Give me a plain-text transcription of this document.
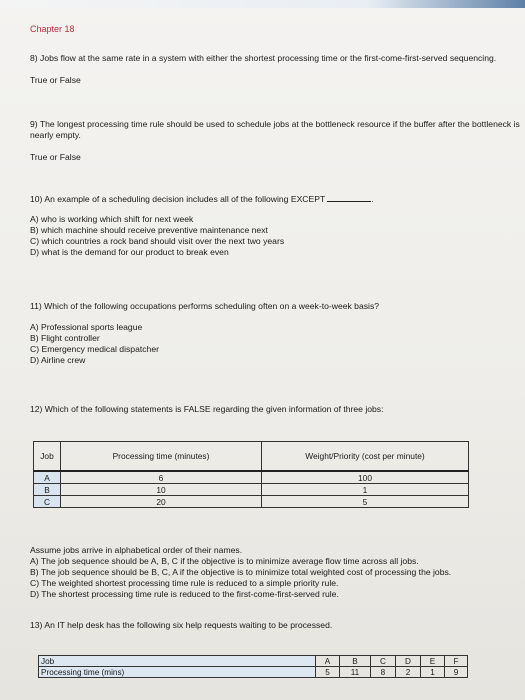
Chapter 18

8) Jobs flow at the same rate in a system with either the shortest processing time or the first-come-first-served sequencing.

True or False

9) The longest processing time rule should be used to schedule jobs at the bottleneck resource if the buffer after the bottleneck is nearly empty.

True or False

10) An example of a scheduling decision includes all of the following EXCEPT	.

A) who is working which shift for next week

B) which machine should receive preventive maintenance next

C) which countries a rock band should visit over the next two years

D) what is the demand for our product to break even

11) Which of the following occupations performs scheduling often on a week-to-week basis?

A) Professional sports league

B) Flight controller

C) Emergency medical dispatcher

D) Airline crew

12) Which of the following statements is FALSE regarding the given information of three jobs:

Job	Processing time (minutes)	Weight/Priority (cost per minute)
A	6	100
B	10	1
C	20	5

Assume jobs arrive in alphabetical order of their names.

A) The job sequence should be A, B, C if the objective is to minimize average flow time across all jobs.

B) The job sequence should be B, C, A if the objective is to minimize total weighted cost of processing the jobs.

C) The weighted shortest processing time rule is reduced to a simple priority rule.

D) The shortest processing time rule is reduced to the first-come-first-served rule.

13) An IT help desk has the following six help requests waiting to be processed.

Job	A	B	C	D	E	F
Processing time (mins)	5	11	8	2	1	9
